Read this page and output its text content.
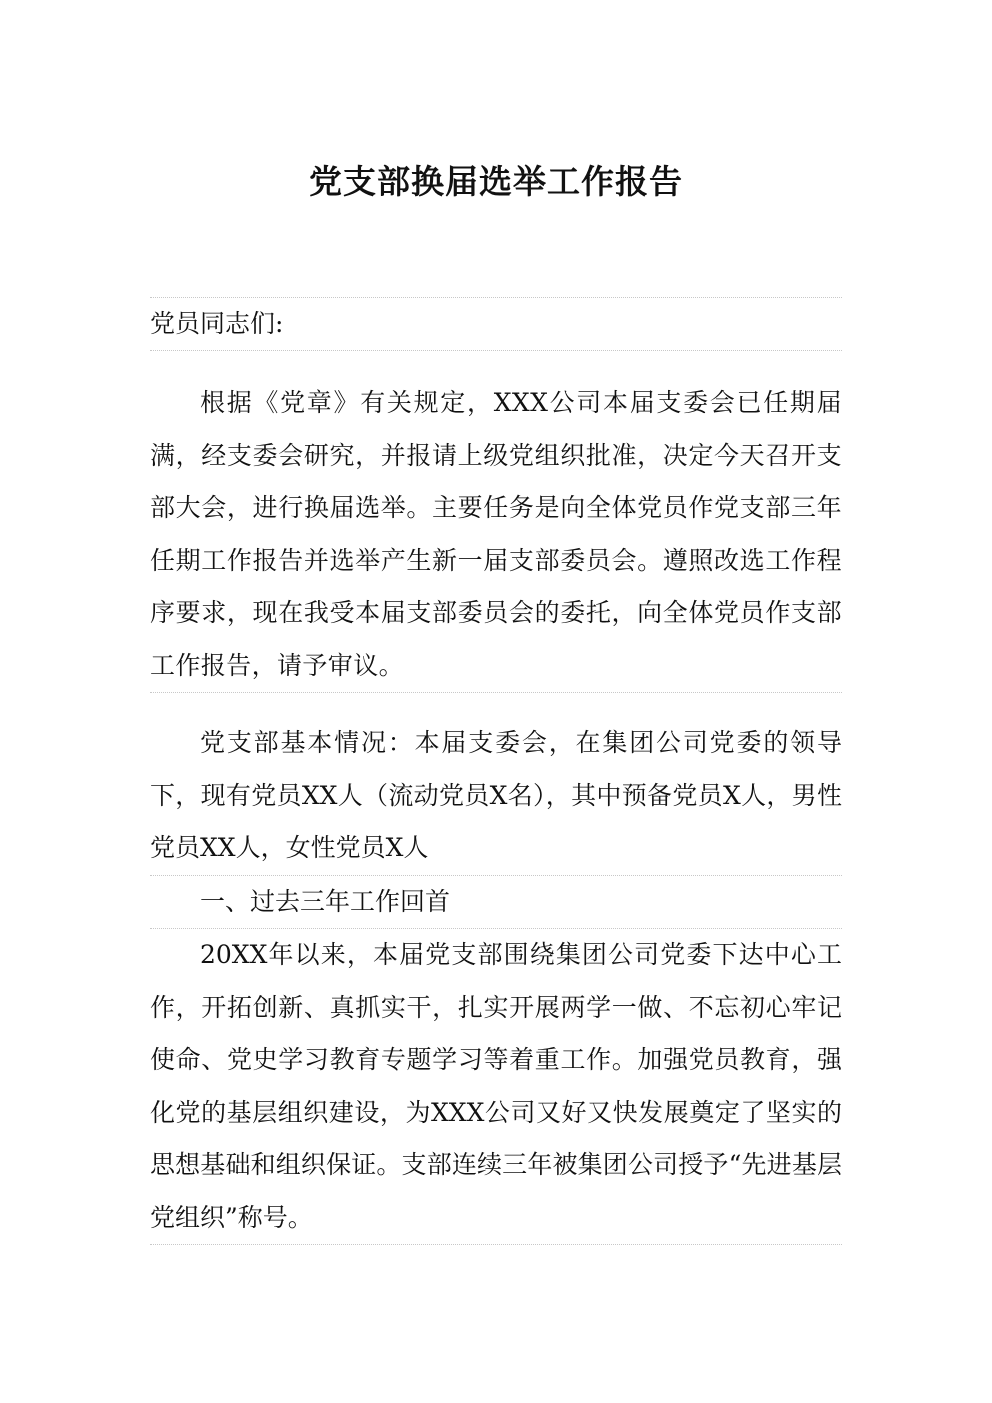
党支部换届选举工作报告
党员同志们:
根据《党章》有关规定，XXX公司本届支委会已任期届满，经支委会研究，并报请上级党组织批准，决定今天召开支部大会，进行换届选举。主要任务是向全体党员作党支部三年任期工作报告并选举产生新一届支部委员会。遵照改选工作程序要求，现在我受本届支部委员会的委托，向全体党员作支部工作报告，请予审议。
党支部基本情况：本届支委会，在集团公司党委的领导下，现有党员XX人（流动党员X名），其中预备党员X人，男性党员XX人，女性党员X人
一、过去三年工作回首
20XX年以来，本届党支部围绕集团公司党委下达中心工作，开拓创新、真抓实干，扎实开展两学一做、不忘初心牢记使命、党史学习教育专题学习等着重工作。加强党员教育，强化党的基层组织建设，为XXX公司又好又快发展奠定了坚实的思想基础和组织保证。支部连续三年被集团公司授予“先进基层党组织”称号。
